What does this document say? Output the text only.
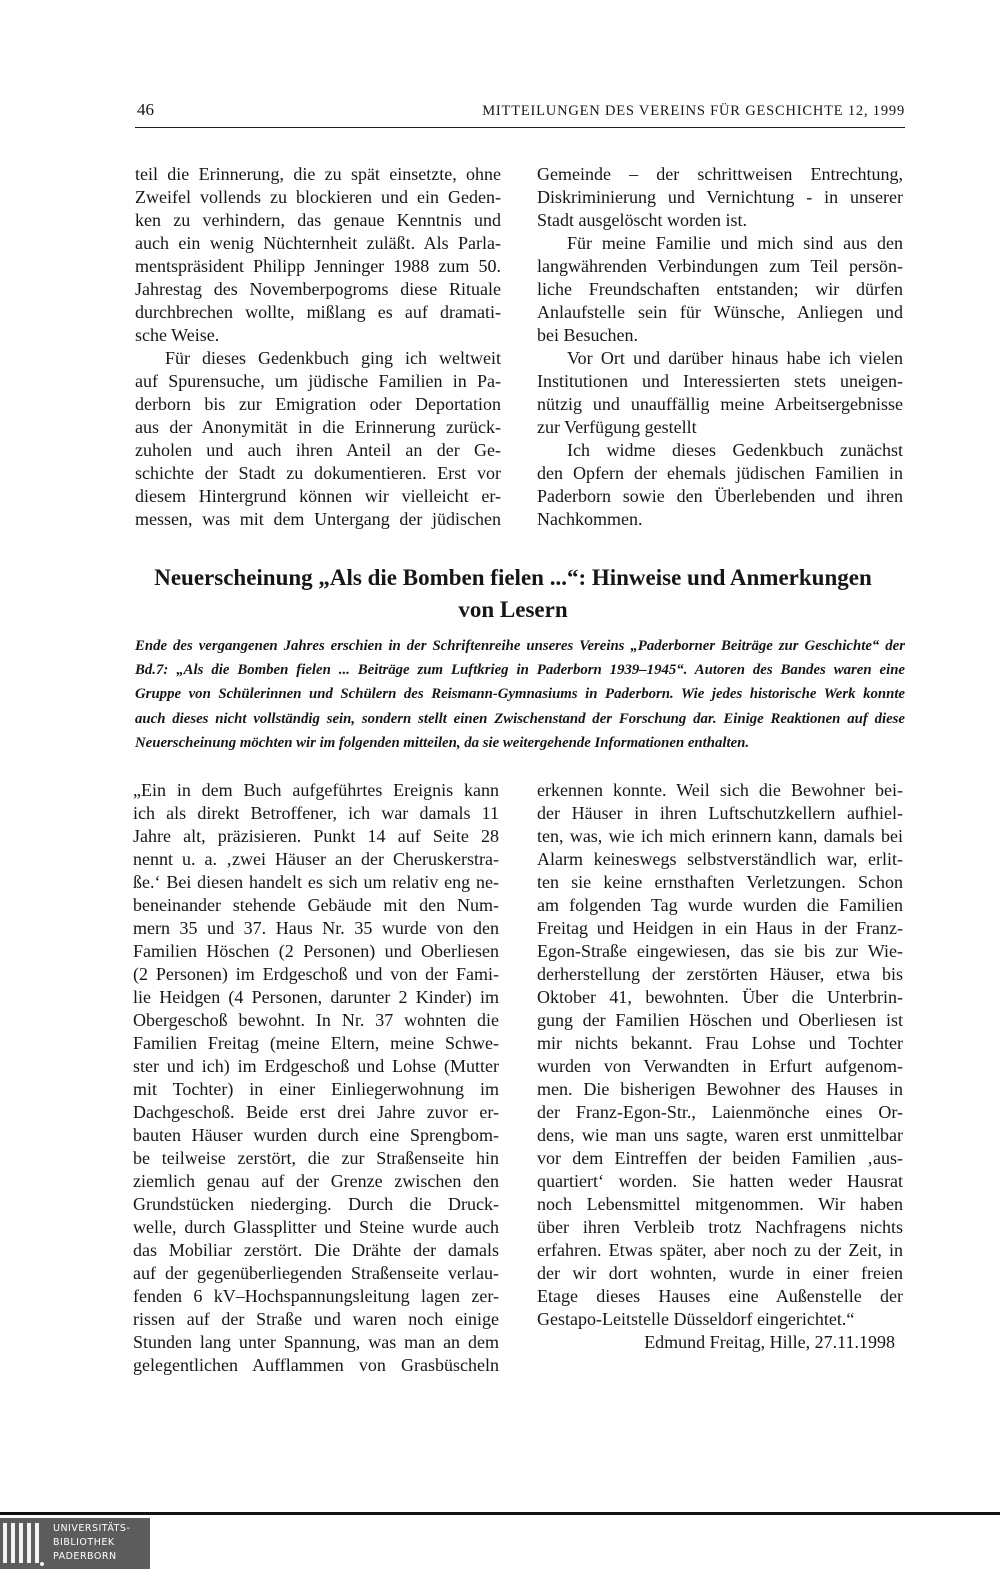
46	MITTEILUNGEN DES VEREINS FÜR GESCHICHTE 12, 1999
teil die Erinnerung, die zu spät einsetzte, ohne
Zweifel vollends zu blockieren und ein Geden-
ken zu verhindern, das genaue Kenntnis und
auch ein wenig Nüchternheit zuläßt. Als Parla-
mentspräsident Philipp Jenninger 1988 zum 50.
Jahrestag des Novemberpogroms diese Rituale
durchbrechen wollte, mißlang es auf dramati-
sche Weise.
Für dieses Gedenkbuch ging ich weltweit
auf Spurensuche, um jüdische Familien in Pa-
derborn bis zur Emigration oder Deportation
aus der Anonymität in die Erinnerung zurück-
zuholen und auch ihren Anteil an der Ge-
schichte der Stadt zu dokumentieren. Erst vor
diesem Hintergrund können wir vielleicht er-
messen, was mit dem Untergang der jüdischen
Gemeinde – der schrittweisen Entrechtung,
Diskriminierung und Vernichtung - in unserer
Stadt ausgelöscht worden ist.
Für meine Familie und mich sind aus den
langwährenden Verbindungen zum Teil persön-
liche Freundschaften entstanden; wir dürfen
Anlaufstelle sein für Wünsche, Anliegen und
bei Besuchen.
Vor Ort und darüber hinaus habe ich vielen
Institutionen und Interessierten stets uneigen-
nützig und unauffällig meine Arbeitsergebnisse
zur Verfügung gestellt
Ich widme dieses Gedenkbuch zunächst
den Opfern der ehemals jüdischen Familien in
Paderborn sowie den Überlebenden und ihren
Nachkommen.
Neuerscheinung „Als die Bomben fielen ...“: Hinweise und Anmerkungen
von Lesern
Ende des vergangenen Jahres erschien in der Schriftenreihe unseres Vereins „Paderborner Beiträge zur Geschichte“ der
Bd.7: „Als die Bomben fielen ... Beiträge zum Luftkrieg in Paderborn 1939–1945“. Autoren des Bandes waren eine
Gruppe von Schülerinnen und Schülern des Reismann-Gymnasiums in Paderborn. Wie jedes historische Werk konnte
auch dieses nicht vollständig sein, sondern stellt einen Zwischenstand der Forschung dar. Einige Reaktionen auf diese
Neuerscheinung möchten wir im folgenden mitteilen, da sie weitergehende Informationen enthalten.
„Ein in dem Buch aufgeführtes Ereignis kann
ich als direkt Betroffener, ich war damals 11
Jahre alt, präzisieren. Punkt 14 auf Seite 28
nennt u. a. ‚zwei Häuser an der Cheruskerstra-
ße.‘ Bei diesen handelt es sich um relativ eng ne-
beneinander stehende Gebäude mit den Num-
mern 35 und 37. Haus Nr. 35 wurde von den
Familien Höschen (2 Personen) und Oberliesen
(2 Personen) im Erdgeschoß und von der Fami-
lie Heidgen (4 Personen, darunter 2 Kinder) im
Obergeschoß bewohnt. In Nr. 37 wohnten die
Familien Freitag (meine Eltern, meine Schwe-
ster und ich) im Erdgeschoß und Lohse (Mutter
mit Tochter) in einer Einliegerwohnung im
Dachgeschoß. Beide erst drei Jahre zuvor er-
bauten Häuser wurden durch eine Sprengbom-
be teilweise zerstört, die zur Straßenseite hin
ziemlich genau auf der Grenze zwischen den
Grundstücken niederging. Durch die Druck-
welle, durch Glassplitter und Steine wurde auch
das Mobiliar zerstört. Die Drähte der damals
auf der gegenüberliegenden Straßenseite verlau-
fenden 6 kV–Hochspannungsleitung lagen zer-
rissen auf der Straße und waren noch einige
Stunden lang unter Spannung, was man an dem
gelegentlichen Aufflammen von Grasbüscheln
erkennen konnte. Weil sich die Bewohner bei-
der Häuser in ihren Luftschutzkellern aufhiel-
ten, was, wie ich mich erinnern kann, damals bei
Alarm keineswegs selbstverständlich war, erlit-
ten sie keine ernsthaften Verletzungen. Schon
am folgenden Tag wurde wurden die Familien
Freitag und Heidgen in ein Haus in der Franz-
Egon-Straße eingewiesen, das sie bis zur Wie-
derherstellung der zerstörten Häuser, etwa bis
Oktober 41, bewohnten. Über die Unterbrin-
gung der Familien Höschen und Oberliesen ist
mir nichts bekannt. Frau Lohse und Tochter
wurden von Verwandten in Erfurt aufgenom-
men. Die bisherigen Bewohner des Hauses in
der Franz-Egon-Str., Laienmönche eines Or-
dens, wie man uns sagte, waren erst unmittelbar
vor dem Eintreffen der beiden Familien ‚aus-
quartiert‘ worden. Sie hatten weder Hausrat
noch Lebensmittel mitgenommen. Wir haben
über ihren Verbleib trotz Nachfragens nichts
erfahren. Etwas später, aber noch zu der Zeit, in
der wir dort wohnten, wurde in einer freien
Etage dieses Hauses eine Außenstelle der
Gestapo-Leitstelle Düsseldorf eingerichtet.“
Edmund Freitag, Hille, 27.11.1998
UNIVERSITÄTS-
BIBLIOTHEK
PADERBORN
